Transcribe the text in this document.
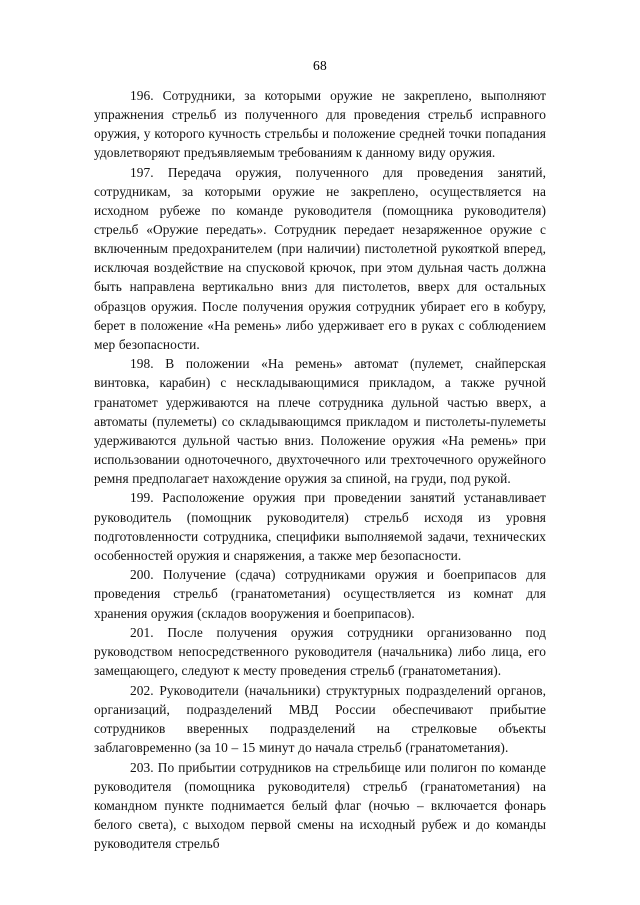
68

196. Сотрудники, за которыми оружие не закреплено, выполняют упражнения стрельб из полученного для проведения стрельб исправного оружия, у которого кучность стрельбы и положение средней точки попадания удовлетворяют предъявляемым требованиям к данному виду оружия.

197. Передача оружия, полученного для проведения занятий, сотрудникам, за которыми оружие не закреплено, осуществляется на исходном рубеже по команде руководителя (помощника руководителя) стрельб «Оружие передать». Сотрудник передает незаряженное оружие с включенным предохранителем (при наличии) пистолетной рукояткой вперед, исключая воздействие на спусковой крючок, при этом дульная часть должна быть направлена вертикально вниз для пистолетов, вверх для остальных образцов оружия. После получения оружия сотрудник убирает его в кобуру, берет в положение «На ремень» либо удерживает его в руках с соблюдением мер безопасности.

198. В положении «На ремень» автомат (пулемет, снайперская винтовка, карабин) с нескладывающимися прикладом, а также ручной гранатомет удерживаются на плече сотрудника дульной частью вверх, а автоматы (пулеметы) со складывающимся прикладом и пистолеты-пулеметы удерживаются дульной частью вниз. Положение оружия «На ремень» при использовании одноточечного, двухточечного или трехточечного оружейного ремня предполагает нахождение оружия за спиной, на груди, под рукой.

199. Расположение оружия при проведении занятий устанавливает руководитель (помощник руководителя) стрельб исходя из уровня подготовленности сотрудника, специфики выполняемой задачи, технических особенностей оружия и снаряжения, а также мер безопасности.

200. Получение (сдача) сотрудниками оружия и боеприпасов для проведения стрельб (гранатометания) осуществляется из комнат для хранения оружия (складов вооружения и боеприпасов).

201. После получения оружия сотрудники организованно под руководством непосредственного руководителя (начальника) либо лица, его замещающего, следуют к месту проведения стрельб (гранатометания).

202. Руководители (начальники) структурных подразделений органов, организаций, подразделений МВД России обеспечивают прибытие сотрудников вверенных подразделений на стрелковые объекты заблаговременно (за 10 – 15 минут до начала стрельб (гранатометания).

203. По прибытии сотрудников на стрельбище или полигон по команде руководителя (помощника руководителя) стрельб (гранатометания) на командном пункте поднимается белый флаг (ночью – включается фонарь белого света), с выходом первой смены на исходный рубеж и до команды руководителя стрельб
